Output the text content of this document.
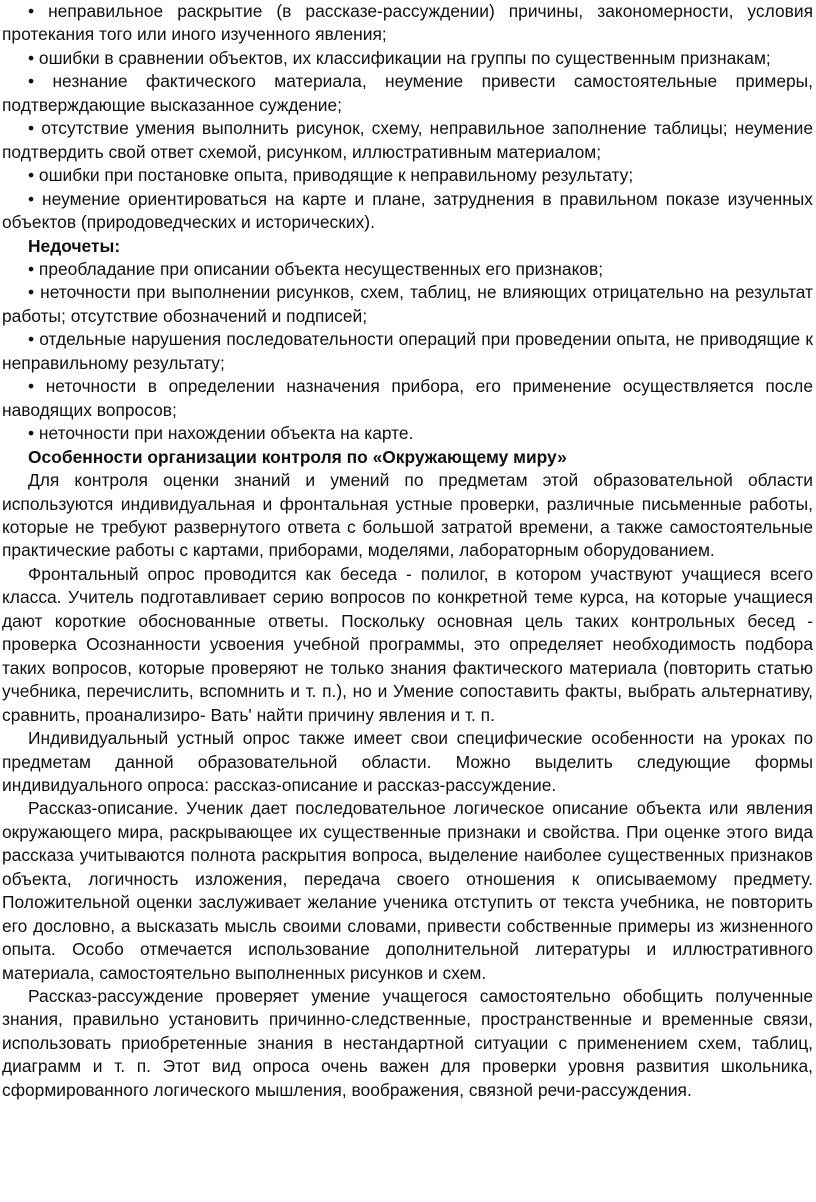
• неправильное раскрытие (в рассказе-рассуждении) причины, закономерности, условия протекания того или иного изученного явления;

• ошибки в сравнении объектов, их классификации на группы по существенным признакам;

• незнание фактического материала, неумение привести самостоятельные примеры, подтверждающие высказанное суждение;

• отсутствие умения выполнить рисунок, схему, неправильное заполнение таблицы; неумение подтвердить свой ответ схемой, рисунком, иллюстративным материалом;

• ошибки при постановке опыта, приводящие к неправильному результату;

• неумение ориентироваться на карте и плане, затруднения в правильном показе изученных объектов (природоведческих и исторических).

Недочеты:

• преобладание при описании объекта несущественных его признаков;

• неточности при выполнении рисунков, схем, таблиц, не влияющих отрицательно на результат работы; отсутствие обозначений и подписей;

• отдельные нарушения последовательности операций при проведении опыта, не приводящие к неправильному результату;

• неточности в определении назначения прибора, его применение осуществляется после наводящих вопросов;

• неточности при нахождении объекта на карте.

Особенности организации контроля по «Окружающему миру»

Для контроля оценки знаний и умений по предметам этой образовательной области используются индивидуальная и фронтальная устные проверки, различные письменные работы, которые не требуют развернутого ответа с большой затратой времени, а также самостоятельные практические работы с картами, приборами, моделями, лабораторным оборудованием.

Фронтальный опрос проводится как беседа - полилог, в котором участвуют учащиеся всего класса. Учитель подготавливает серию вопросов по конкретной теме курса, на которые учащиеся дают короткие обоснованные ответы. Поскольку основная цель таких контрольных бесед - проверка Осознанности усвоения учебной программы, это определяет необходимость подбора таких вопросов, которые проверяют не только знания фактического материала (повторить статью учебника, перечислить, вспомнить и т. п.), но и Умение сопоставить факты, выбрать альтернативу, сравнить, проанализиро- Вать' найти причину явления и т. п.

Индивидуальный устный опрос также имеет свои специфические особенности на уроках по предметам данной образовательной области. Можно выделить следующие формы индивидуального опроса: рассказ-описание и рассказ-рассуждение.

Рассказ-описание. Ученик дает последовательное логическое описание объекта или явления окружающего мира, раскрывающее их существенные признаки и свойства. При оценке этого вида рассказа учитываются полнота раскрытия вопроса, выделение наиболее существенных признаков объекта, логичность изложения, передача своего отношения к описываемому предмету. Положительной оценки заслуживает желание ученика отступить от текста учебника, не повторить его дословно, а высказать мысль своими словами, привести собственные примеры из жизненного опыта. Особо отмечается использование дополнительной литературы и иллюстративного материала, самостоятельно выполненных рисунков и схем.

Рассказ-рассуждение проверяет умение учащегося самостоятельно обобщить полученные знания, правильно установить причинно-следственные, пространственные и временные связи, использовать приобретенные знания в нестандартной ситуации с применением схем, таблиц, диаграмм и т. п. Этот вид опроса очень важен для проверки уровня развития школьника, сформированного логического мышления, воображения, связной речи-рассуждения.
